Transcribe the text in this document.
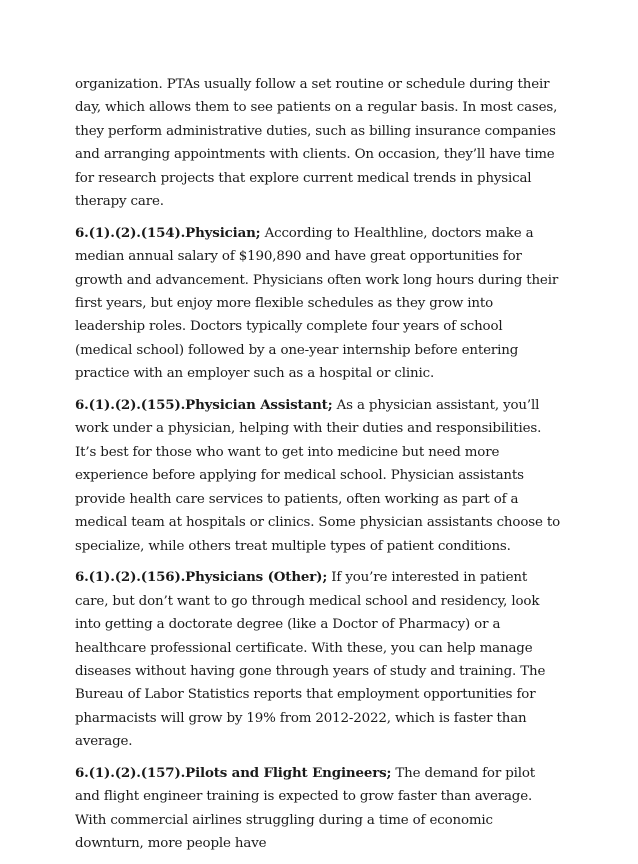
organization. PTAs usually follow a set routine or schedule during their day, which allows them to see patients on a regular basis. In most cases, they perform administrative duties, such as billing insurance companies and arranging appointments with clients. On occasion, they’ll have time for research projects that explore current medical trends in physical therapy care.

6.(1).(2).(154).Physician; According to Healthline, doctors make a median annual salary of $190,890 and have great opportunities for growth and advancement. Physicians often work long hours during their first years, but enjoy more flexible schedules as they grow into leadership roles. Doctors typically complete four years of school (medical school) followed by a one-year internship before entering practice with an employer such as a hospital or clinic.

6.(1).(2).(155).Physician Assistant; As a physician assistant, you’ll work under a physician, helping with their duties and responsibilities. It’s best for those who want to get into medicine but need more experience before applying for medical school. Physician assistants provide health care services to patients, often working as part of a medical team at hospitals or clinics. Some physician assistants choose to specialize, while others treat multiple types of patient conditions.

6.(1).(2).(156).Physicians (Other); If you’re interested in patient care, but don’t want to go through medical school and residency, look into getting a doctorate degree (like a Doctor of Pharmacy) or a healthcare professional certificate. With these, you can help manage diseases without having gone through years of study and training. The Bureau of Labor Statistics reports that employment opportunities for pharmacists will grow by 19% from 2012-2022, which is faster than average.

6.(1).(2).(157).Pilots and Flight Engineers; The demand for pilot and flight engineer training is expected to grow faster than average. With commercial airlines struggling during a time of economic downturn, more people have
